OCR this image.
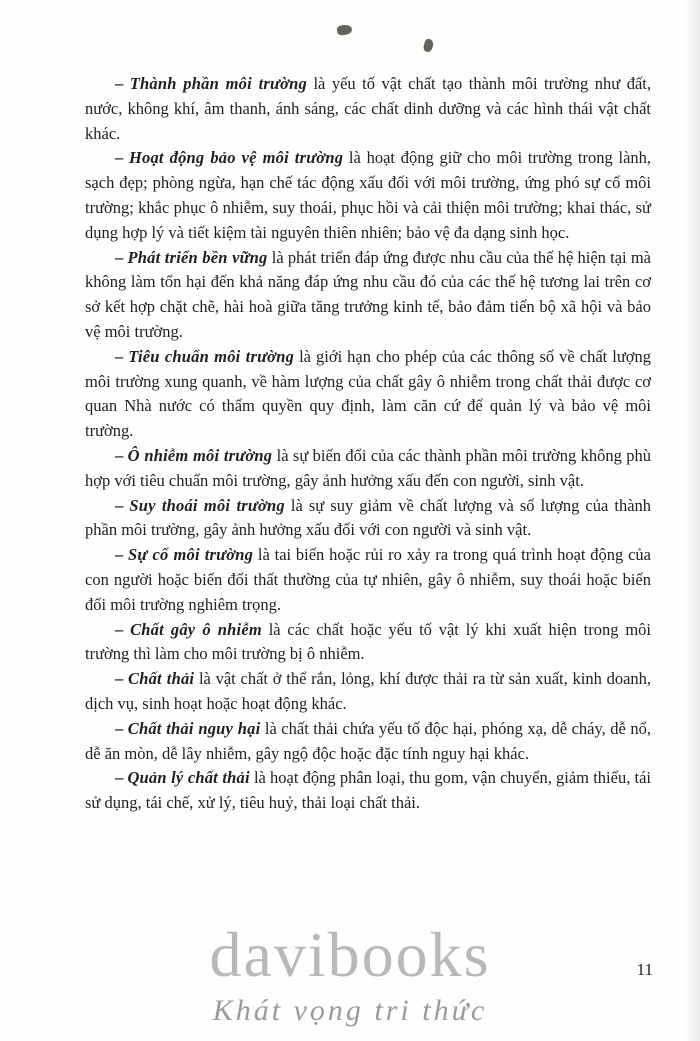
davibooks
Khát vọng tri thức

– Thành phần môi trường là yếu tố vật chất tạo thành môi trường như đất, nước, không khí, âm thanh, ánh sáng, các chất dinh dưỡng và các hình thái vật chất khác.

– Hoạt động bảo vệ môi trường là hoạt động giữ cho môi trường trong lành, sạch đẹp; phòng ngừa, hạn chế tác động xấu đối với môi trường, ứng phó sự cố môi trường; khắc phục ô nhiễm, suy thoái, phục hồi và cải thiện môi trường; khai thác, sử dụng hợp lý và tiết kiệm tài nguyên thiên nhiên; bảo vệ đa dạng sinh học.

– Phát triển bền vững là phát triển đáp ứng được nhu cầu của thế hệ hiện tại mà không làm tổn hại đến khả năng đáp ứng nhu cầu đó của các thế hệ tương lai trên cơ sở kết hợp chặt chẽ, hài hoà giữa tăng trưởng kinh tế, bảo đảm tiến bộ xã hội và bảo vệ môi trường.

– Tiêu chuẩn môi trường là giới hạn cho phép của các thông số về chất lượng môi trường xung quanh, về hàm lượng của chất gây ô nhiễm trong chất thải được cơ quan Nhà nước có thẩm quyền quy định, làm căn cứ để quản lý và bảo vệ môi trường.

– Ô nhiễm môi trường là sự biến đổi của các thành phần môi trường không phù hợp với tiêu chuẩn môi trường, gây ảnh hưởng xấu đến con người, sinh vật.

– Suy thoái môi trường là sự suy giảm về chất lượng và số lượng của thành phần môi trường, gây ảnh hưởng xấu đối với con người và sinh vật.

– Sự cố môi trường là tai biến hoặc rủi ro xảy ra trong quá trình hoạt động của con người hoặc biến đổi thất thường của tự nhiên, gây ô nhiễm, suy thoái hoặc biến đổi môi trường nghiêm trọng.

– Chất gây ô nhiễm là các chất hoặc yếu tố vật lý khi xuất hiện trong môi trường thì làm cho môi trường bị ô nhiễm.

– Chất thải là vật chất ở thể rắn, lỏng, khí được thải ra từ sản xuất, kinh doanh, dịch vụ, sinh hoạt hoặc hoạt động khác.

– Chất thải nguy hại là chất thải chứa yếu tố độc hại, phóng xạ, dễ cháy, dễ nổ, dễ ăn mòn, dễ lây nhiễm, gây ngộ độc hoặc đặc tính nguy hại khác.

– Quản lý chất thải là hoạt động phân loại, thu gom, vận chuyển, giảm thiểu, tái sử dụng, tái chế, xử lý, tiêu huỷ, thải loại chất thải.

11
